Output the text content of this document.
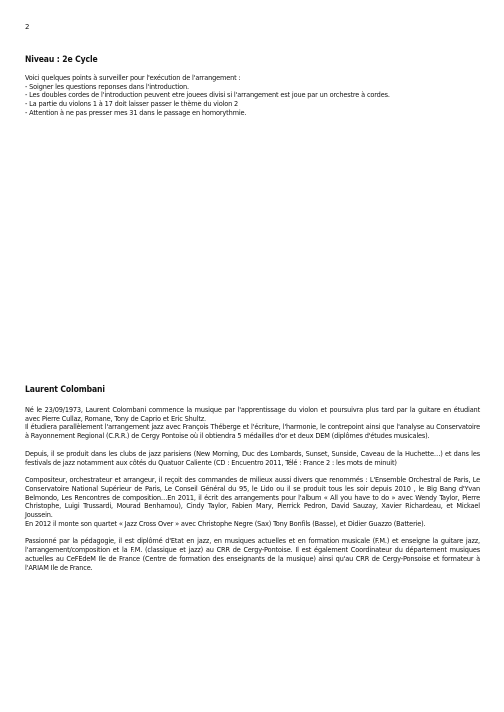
2
Niveau : 2e Cycle

Voici quelques points à surveiller pour l'exécution de l'arrangement :

- Soigner les questions reponses dans l'introduction.

- Les doubles cordes de l'introduction peuvent etre jouees divisi si l'arrangement est joue par un orchestre à cordes.

- La partie du violons 1 à 17 doit laisser passer le thème du violon 2

- Attention à ne pas presser mes 31 dans le passage en homorythmie.

Laurent Colombani

Né le 23/09/1973, Laurent Colombani commence la musique par l'apprentissage du violon et poursuivra plus tard par la guitare en étudiant avec Pierre Cullaz, Romane, Tony de Caprio et Eric Shultz.

Il étudiera parallèlement l'arrangement jazz avec François Théberge et l'écriture, l'harmonie, le contrepoint ainsi que l'analyse au Conservatoire à Rayonnement Regional (C.R.R.) de Cergy Pontoise où il obtiendra 5 médailles d'or et deux DEM (diplômes d'études musicales).

Depuis, il se produit dans les clubs de jazz parisiens (New Morning, Duc des Lombards, Sunset, Sunside, Caveau de la Huchette…) et dans les festivals de jazz notamment aux côtés du Quatuor Caliente (CD : Encuentro 2011, Télé : France 2 : les mots de minuit)

Compositeur, orchestrateur et arrangeur, il reçoit des commandes de milieux aussi divers que renommés : L'Ensemble Orchestral de Paris, Le Conservatoire National Supérieur de Paris, Le Conseil Général du 95, le Lido ou il se produit tous les soir depuis 2010 , le Big Bang d'Yvan Belmondo, Les Rencontres de composition…En 2011, il écrit des arrangements pour l'album « All you have to do » avec Wendy Taylor, Pierre Christophe, Luigi Trussardi, Mourad Benhamou), Cindy Taylor, Fabien Mary, Pierrick Pedron, David Sauzay, Xavier Richardeau, et Mickael Joussein.

En 2012 il monte son quartet « Jazz Cross Over » avec Christophe Negre (Sax) Tony Bonfils (Basse), et Didier Guazzo (Batterie).

Passionné par la pédagogie, il est diplômé d'Etat en jazz, en musiques actuelles et en formation musicale (F.M.) et enseigne la guitare jazz, l'arrangement/composition et la F.M. (classique et jazz) au CRR de Cergy-Pontoise. Il est également Coordinateur du département musiques actuelles au CeFEdeM Ile de France (Centre de formation des enseignants de la musique) ainsi qu'au CRR de Cergy-Ponsoise et formateur à l'ARIAM Ile de France.
